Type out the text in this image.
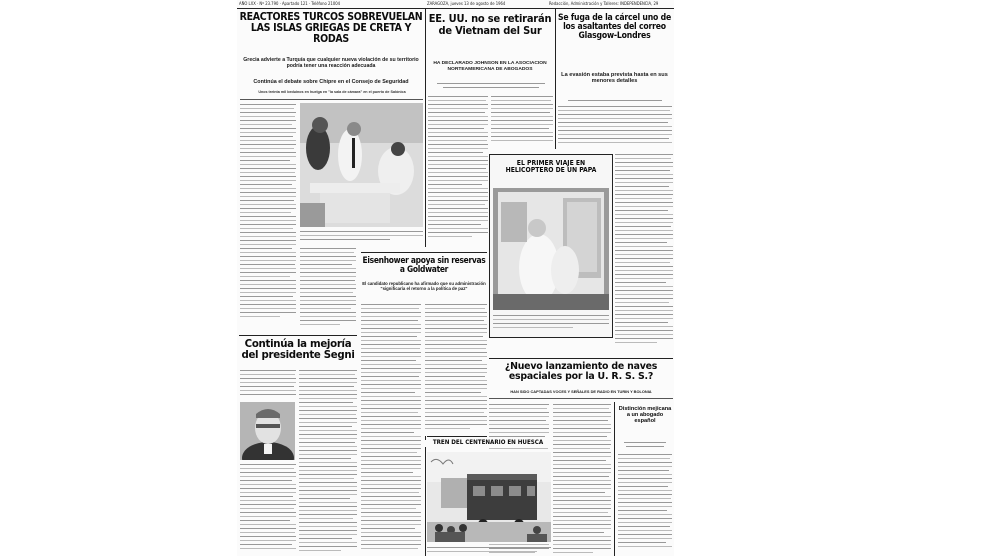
AÑO LXX · Nº 23.790 · Apartado 121 · Teléfono 21004	ZARAGOZA, jueves 13 de agosto de 1964	Redacción, Administración y Talleres: INDEPENDENCIA, 29
REACTORES TURCOS SOBREVUELAN LAS ISLAS GRIEGAS DE CRETA Y RODAS
Grecia advierte a Turquía que cualquier nueva violación de su territorio podría tener una reacción adecuada
Continúa el debate sobre Chipre en el Consejo de Seguridad
Unos treinta mil beduinos en huelga en "la sala de cámara" en el puerto de Salónica
EE. UU. no se retirarán de Vietnam del Sur
HA DECLARADO JOHNSON EN LA ASOCIACION NORTEAMERICANA DE ABOGADOS
Se fuga de la cárcel uno de los asaltantes del correo Glasgow-Londres
La evasión estaba prevista hasta en sus menores detalles
EL PRIMER VIAJE EN HELICOPTERO DE UN PAPA
Eisenhower apoya sin reservas a Goldwater
El candidato republicano ha afirmado que su administración "significaría el retorno a la política de paz"
Continúa la mejoría del presidente Segni
¿Nuevo lanzamiento de naves espaciales por la U. R. S. S.?
HAN SIDO CAPTADAS VOCES Y SEÑALES DE RADIO EN TURIN Y BOLONIA
Distinción mejicana a un abogado español
TREN DEL CENTENARIO EN HUESCA
